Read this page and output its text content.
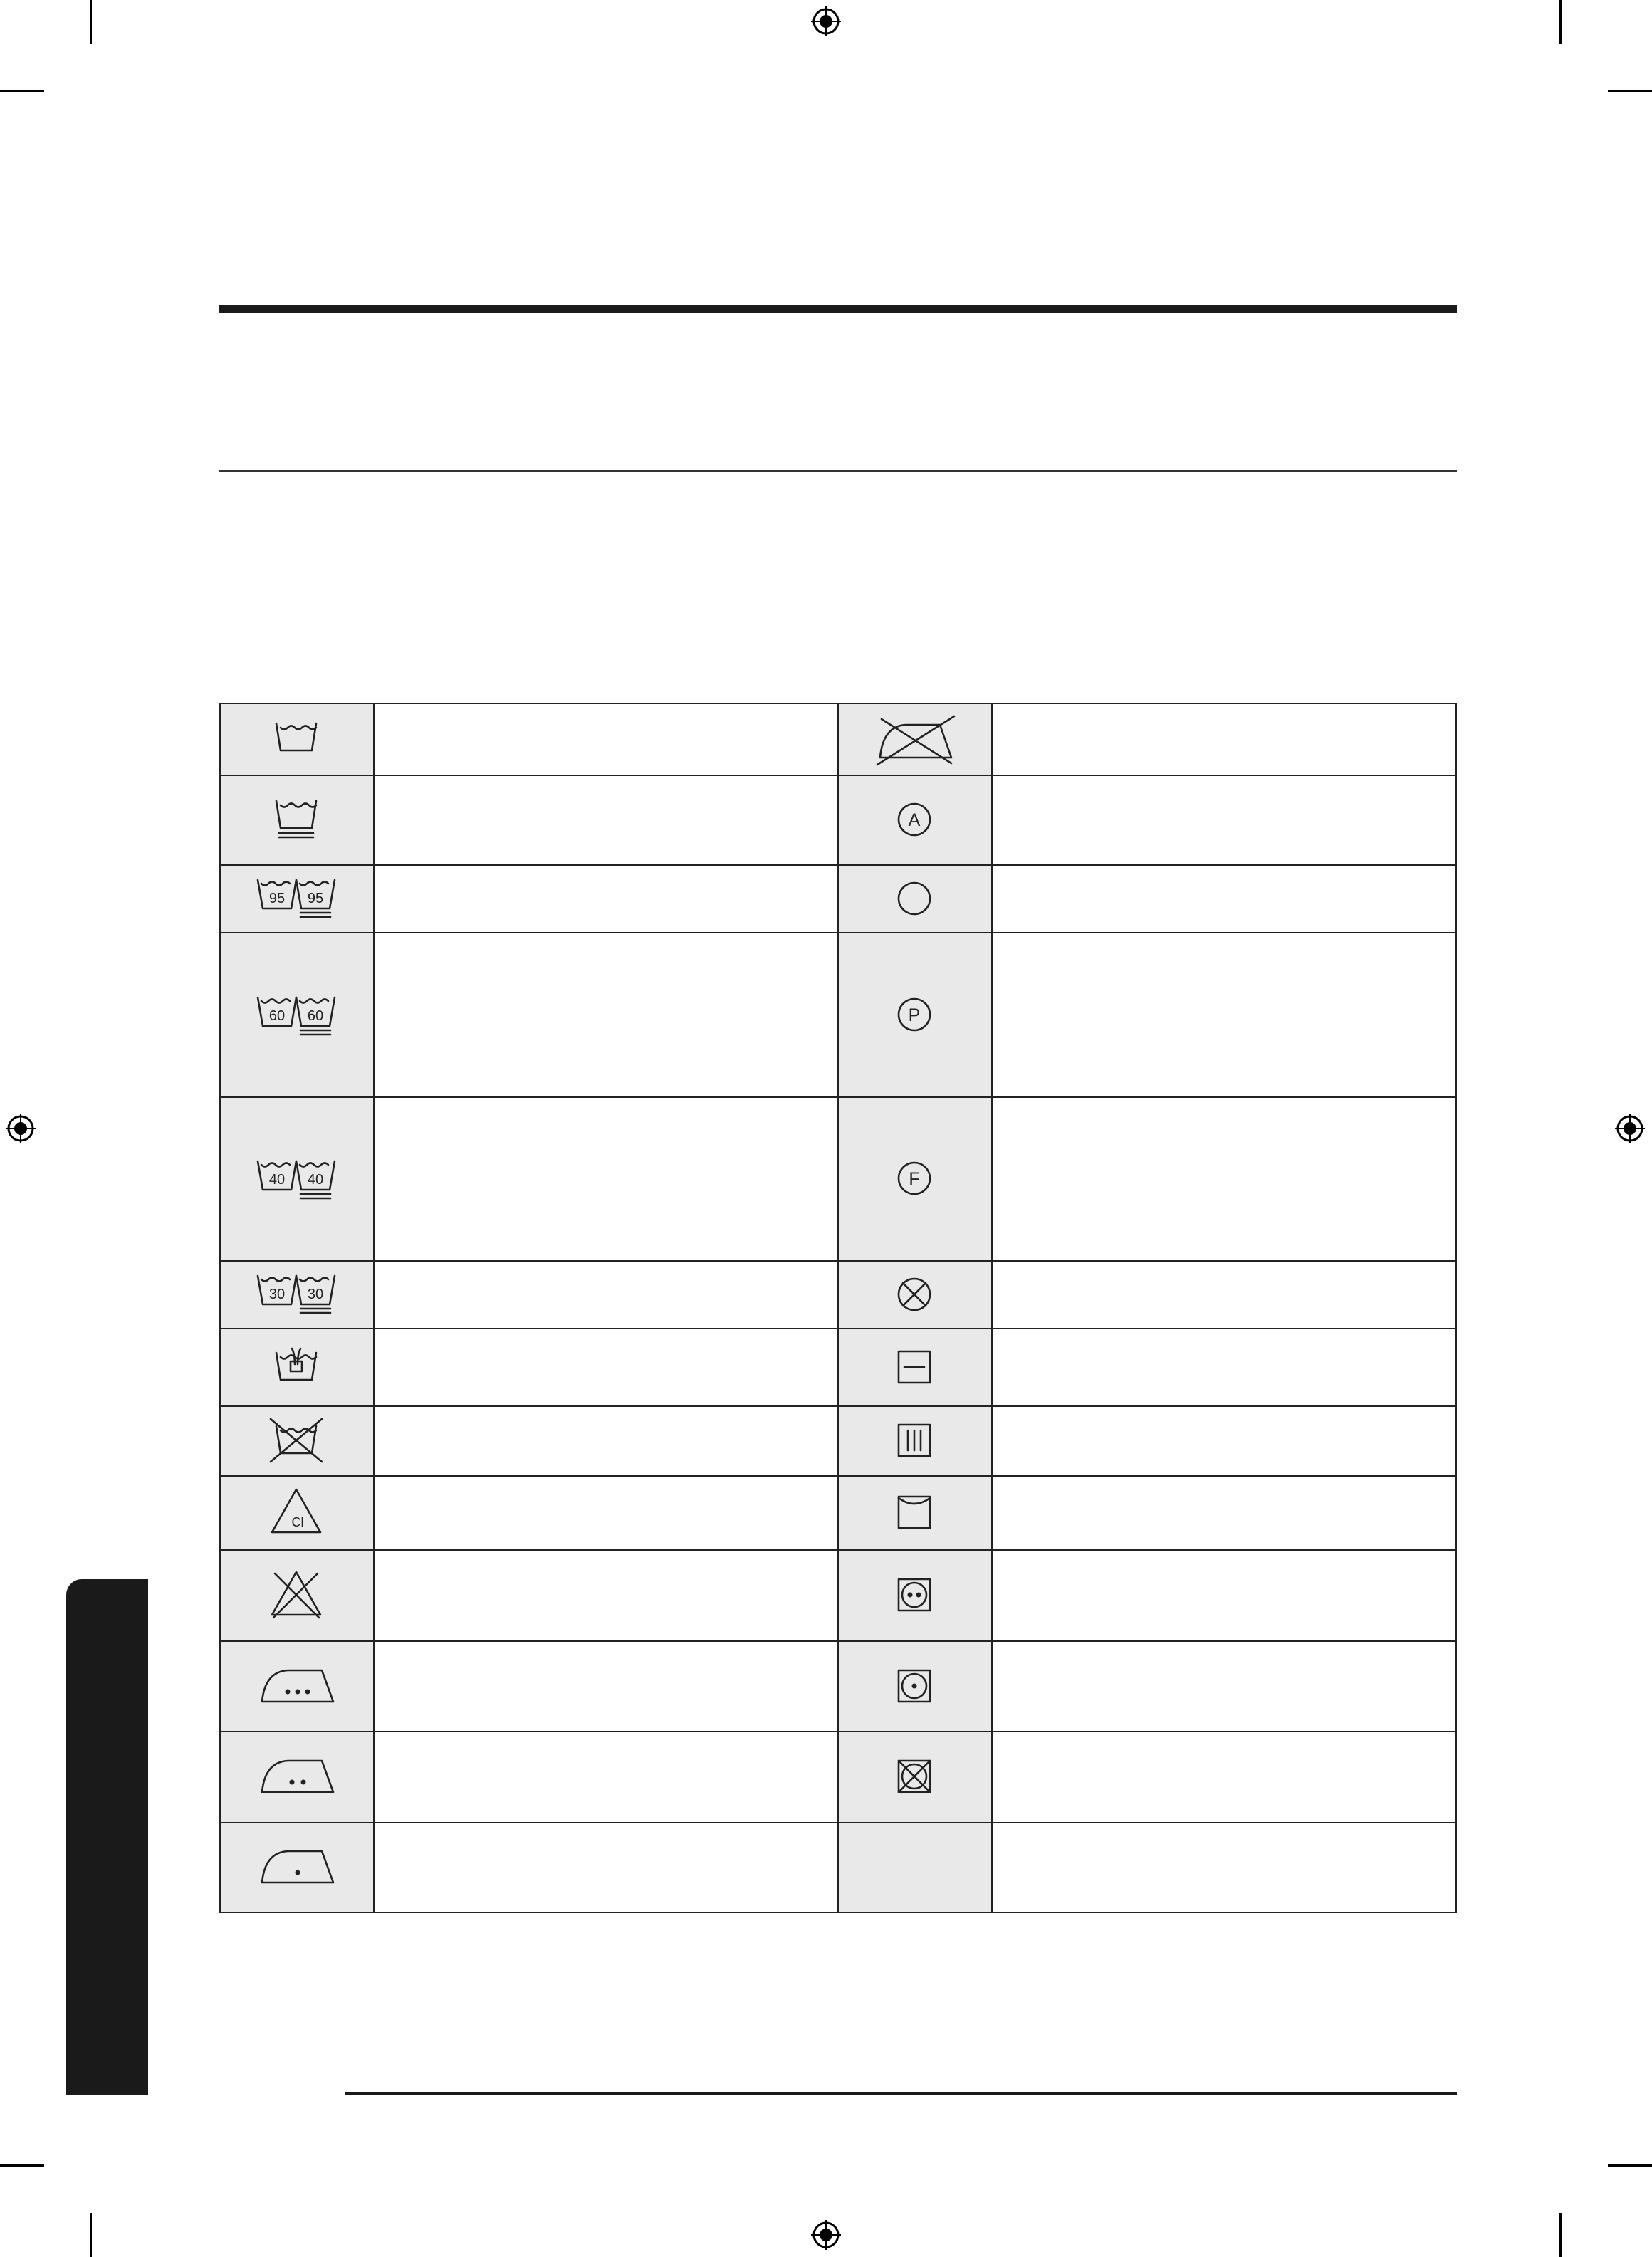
A
95 95
60 60	P
40 40	F
30 30
Cl
